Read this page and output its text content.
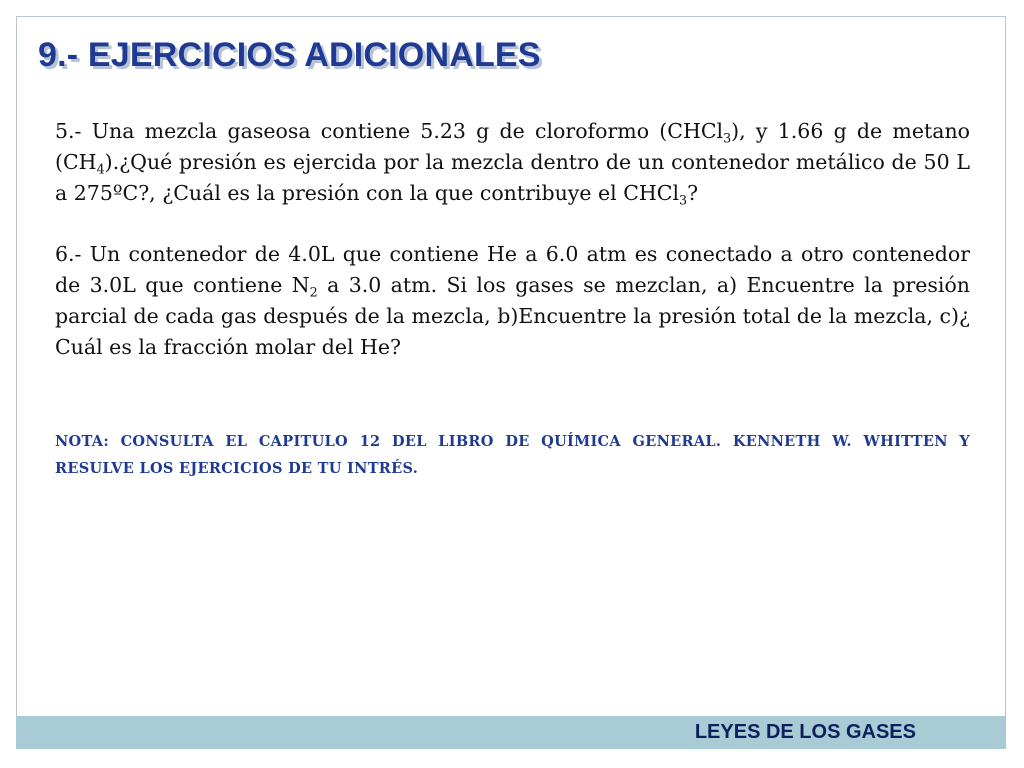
9.- EJERCICIOS ADICIONALES

5.- Una mezcla gaseosa contiene 5.23 g de cloroformo (CHCl$_3$), y 1.66 g de metano $(CH_4).¿Qué$ presión es ejercida por la mezcla dentro de un contenedor metálico de 50 L a 275ºC?, ¿Cuál es la presión con la que contribuye el CHCl$_3$?

6.- Un contenedor de 4.0L que contiene He a 6.0 atm es conectado a otro contenedor de 3.0L que contiene $N_2$ a 3.0 atm. Si los gases se mezclan, a) Encuentre la presión parcial de cada gas después de la mezcla, b)Encuentre la presión total de la mezcla, c)¿ Cuál es la fracción molar del He?

NOTA: CONSULTA EL CAPITULO 12 DEL LIBRO DE QUÍMICA GENERAL. KENNETH W. WHITTEN Y RESULVE LOS EJERCICIOS DE TU INTRÉS.

LEYES DE LOS GASES
